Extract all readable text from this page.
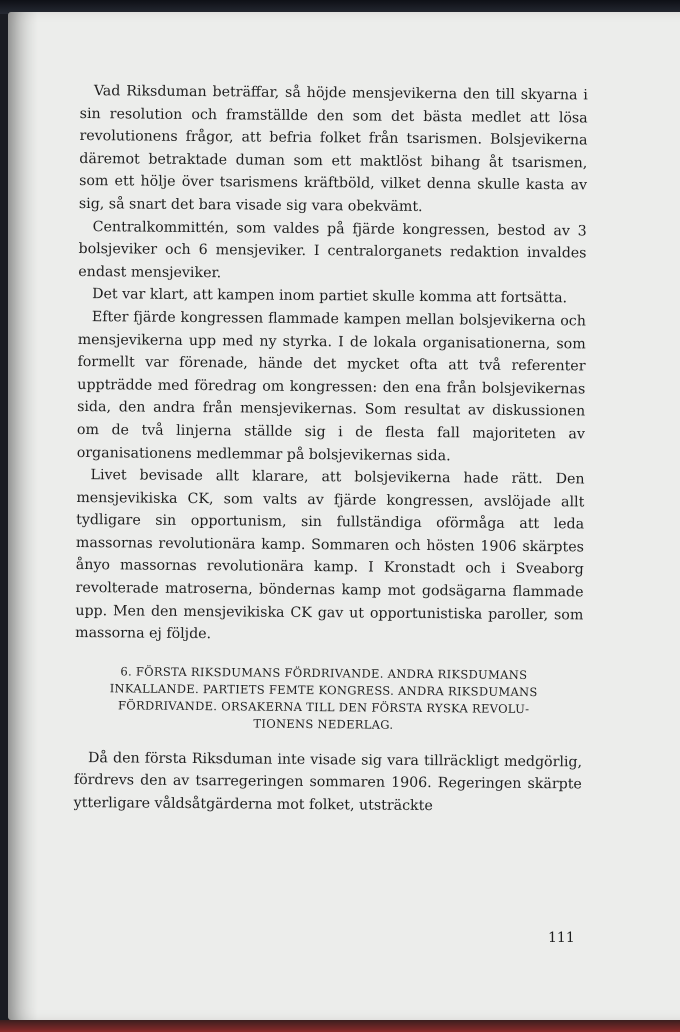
Vad Riksduman beträffar, så höjde mensjevikerna den till skyarna i sin resolution och framställde den som det bästa medlet att lösa revolutionens frågor, att befria folket från tsarismen. Bolsjevikerna däremot betraktade duman som ett maktlöst bihang åt tsarismen, som ett hölje över tsarismens kräftböld, vilket denna skulle kasta av sig, så snart det bara visade sig vara obekvämt.

Centralkommittén, som valdes på fjärde kongressen, bestod av 3 bolsjeviker och 6 mensjeviker. I centralorganets redaktion invaldes endast mensjeviker.

Det var klart, att kampen inom partiet skulle komma att fortsätta.

Efter fjärde kongressen flammade kampen mellan bolsjevikerna och mensjevikerna upp med ny styrka. I de lokala organisationerna, som formellt var förenade, hände det mycket ofta att två referenter uppträdde med föredrag om kongressen: den ena från bolsjevikernas sida, den andra från mensjevikernas. Som resultat av diskussionen om de två linjerna ställde sig i de flesta fall majoriteten av organisationens medlemmar på bolsjevikernas sida.

Livet bevisade allt klarare, att bolsjevikerna hade rätt. Den mensjevikiska CK, som valts av fjärde kongressen, avslöjade allt tydligare sin opportunism, sin fullständiga oförmåga att leda massornas revolutionära kamp. Sommaren och hösten 1906 skärptes ånyo massornas revolutionära kamp. I Kronstadt och i Sveaborg revolterade matroserna, böndernas kamp mot godsägarna flammade upp. Men den mensjevikiska CK gav ut opportunistiska paroller, som massorna ej följde.

6. FÖRSTA RIKSDUMANS FÖRDRIVANDE. ANDRA RIKSDUMANS INKALLANDE. PARTIETS FEMTE KONGRESS. ANDRA RIKSDUMANS FÖRDRIVANDE. ORSAKERNA TILL DEN FÖRSTA RYSKA REVOLUTIONENS NEDERLAG.

Då den första Riksduman inte visade sig vara tillräckligt medgörlig, fördrevs den av tsarregeringen sommaren 1906. Regeringen skärpte ytterligare våldsåtgärderna mot folket, utsträckte

111
